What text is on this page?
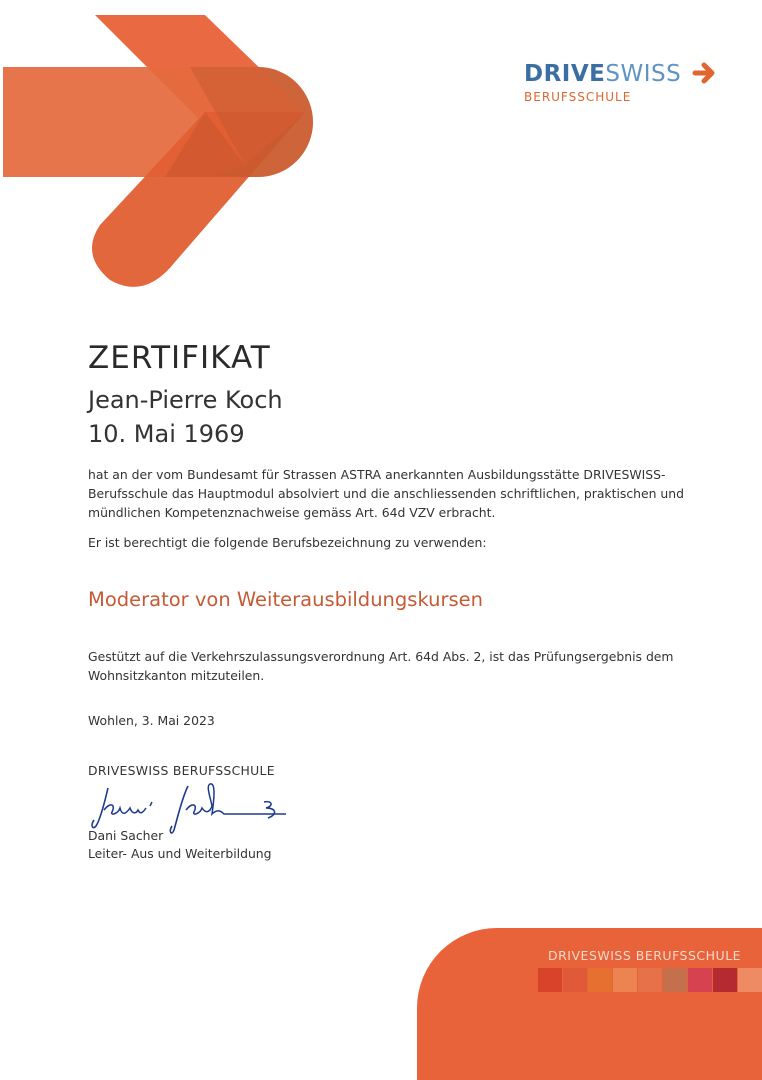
DRIVESWISS
BERUFSSCHULE
ZERTIFIKAT
Jean-Pierre Koch
10. Mai 1969
hat an der vom Bundesamt für Strassen ASTRA anerkannten Ausbildungsstätte DRIVESWISS-Berufsschule das Hauptmodul absolviert und die anschliessenden schriftlichen, praktischen und mündlichen Kompetenznachweise gemäss Art. 64d VZV erbracht.
Er ist berechtigt die folgende Berufsbezeichnung zu verwenden:
Moderator von Weiterausbildungskursen
Gestützt auf die Verkehrszulassungsverordnung Art. 64d Abs. 2, ist das Prüfungsergebnis dem Wohnsitzkanton mitzuteilen.
Wohlen, 3. Mai 2023
DRIVESWISS BERUFSSCHULE
Dani Sacher
Leiter- Aus und Weiterbildung
DRIVESWISS BERUFSSCHULE
